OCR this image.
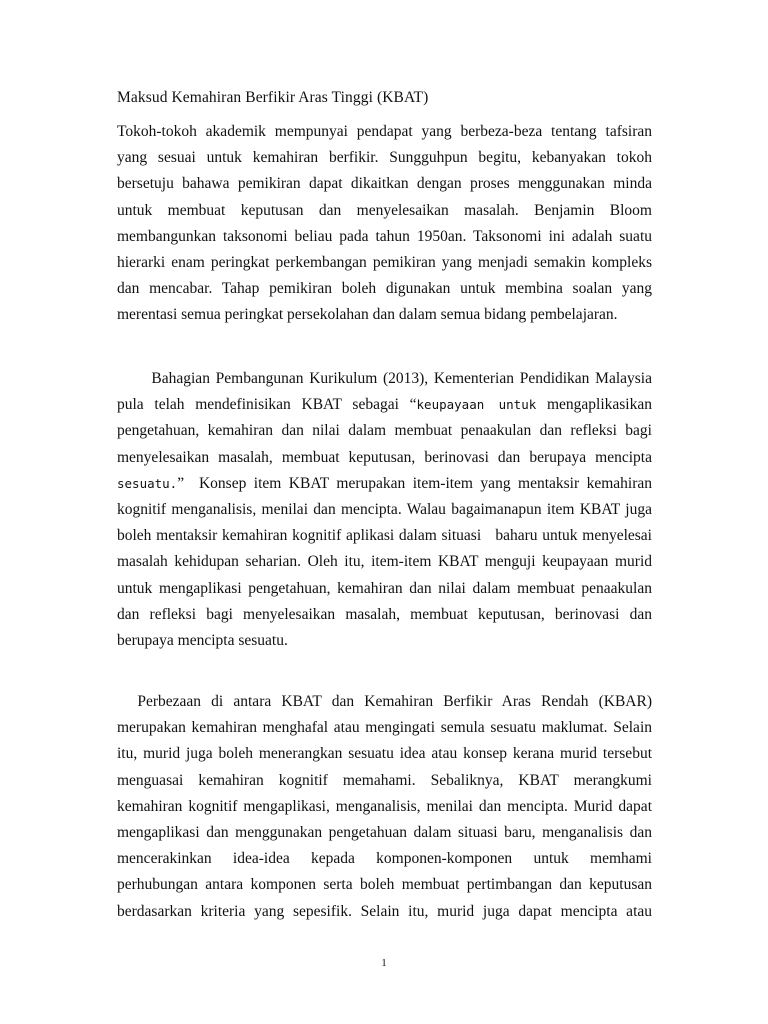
Maksud Kemahiran Berfikir Aras Tinggi (KBAT)
Tokoh-tokoh akademik mempunyai pendapat yang berbeza-beza tentang tafsiran
yang sesuai untuk kemahiran berfikir. Sungguhpun begitu, kebanyakan tokoh
bersetuju bahawa pemikiran dapat dikaitkan dengan proses menggunakan minda
untuk membuat keputusan dan menyelesaikan masalah. Benjamin Bloom
membangunkan taksonomi beliau pada tahun 1950an. Taksonomi ini adalah suatu
hierarki enam peringkat perkembangan pemikiran yang menjadi semakin kompleks
dan mencabar. Tahap pemikiran boleh digunakan untuk membina soalan yang
merentasi semua peringkat persekolahan dan dalam semua bidang pembelajaran.
Bahagian Pembangunan Kurikulum (2013), Kementerian Pendidikan Malaysia
pula telah mendefinisikan KBAT sebagai “keupayaan untuk mengaplikasikan
pengetahuan, kemahiran dan nilai dalam membuat penaakulan dan refleksi bagi
menyelesaikan masalah, membuat keputusan, berinovasi dan berupaya mencipta
sesuatu.”  Konsep item KBAT merupakan item-item yang mentaksir kemahiran
kognitif menganalisis, menilai dan mencipta. Walau bagaimanapun item KBAT juga
boleh mentaksir kemahiran kognitif aplikasi dalam situasi   baharu untuk menyelesai
masalah kehidupan seharian. Oleh itu, item-item KBAT menguji keupayaan murid
untuk mengaplikasi pengetahuan, kemahiran dan nilai dalam membuat penaakulan
dan refleksi bagi menyelesaikan masalah, membuat keputusan, berinovasi dan
berupaya mencipta sesuatu.
Perbezaan di antara KBAT dan Kemahiran Berfikir Aras Rendah (KBAR)
merupakan kemahiran menghafal atau mengingati semula sesuatu maklumat. Selain
itu, murid juga boleh menerangkan sesuatu idea atau konsep kerana murid tersebut
menguasai kemahiran kognitif memahami. Sebaliknya, KBAT merangkumi
kemahiran kognitif mengaplikasi, menganalisis, menilai dan mencipta. Murid dapat
mengaplikasi dan menggunakan pengetahuan dalam situasi baru, menganalisis dan
mencerakinkan idea-idea kepada komponen-komponen untuk memhami
perhubungan antara komponen serta boleh membuat pertimbangan dan keputusan
berdasarkan kriteria yang sepesifik. Selain itu, murid juga dapat mencipta atau
1
